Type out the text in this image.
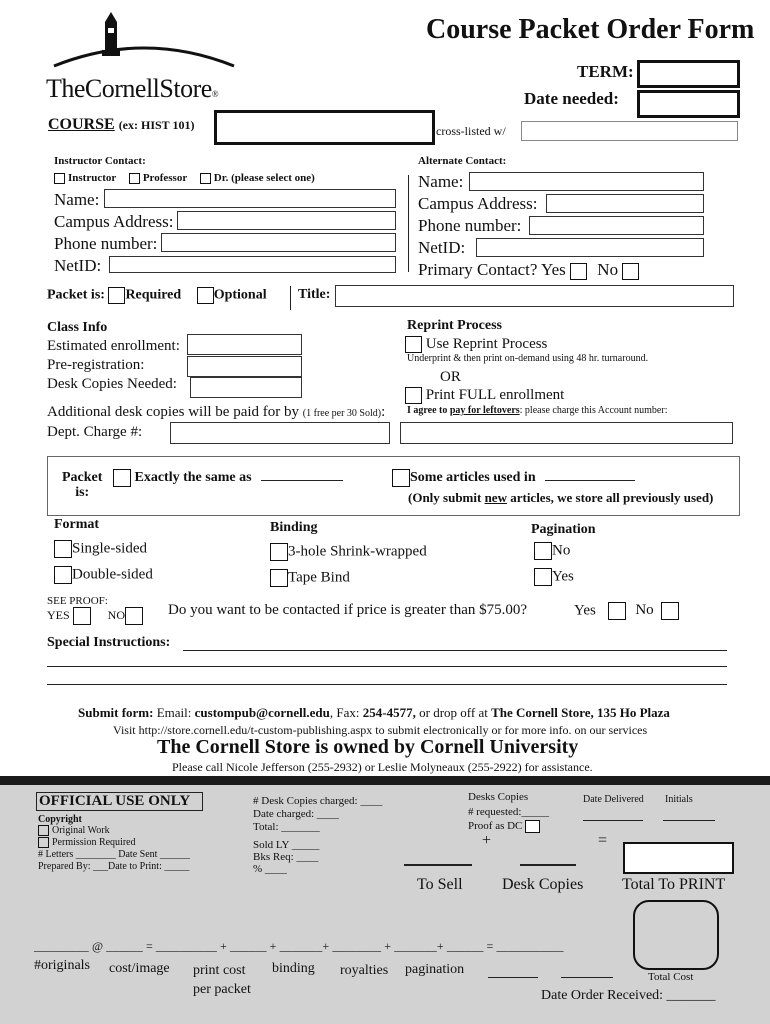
TheCornellStore®
Course Packet Order Form
TERM:
Date needed:
COURSE (ex: HIST 101)	cross-listed w/
Instructor Contact:
Instructor Professor Dr. (please select one)
Name:
Campus Address:
Phone number:
NetID:
Alternate Contact:
Name:
Campus Address:
Phone number:
NetID:
Primary Contact? Yes No
Packet is: Required Optional Title:
Class Info
Estimated enrollment:
Pre-registration:
Desk Copies Needed:
Additional desk copies will be paid for by (1 free per 30 Sold):
Dept. Charge #:
Reprint Process
Use Reprint Process
Underprint & then print on-demand using 48 hr. turnaround.
OR
Print FULL enrollment
I agree to pay for leftovers: please charge this Account number:
Packet
is:
Exactly the same as	Some articles used in
(Only submit new articles, we store all previously used)
Format
Single-sided
Double-sided
Binding
3-hole Shrink-wrapped
Tape Bind
Pagination
No
Yes
SEE PROOF:
YES	NO	Do you want to be contacted if price is greater than $75.00?	Yes	No
Special Instructions:
Submit form: Email: custompub@cornell.edu, Fax: 254-4577, or drop off at The Cornell Store, 135 Ho Plaza
Visit http://store.cornell.edu/t-custom-publishing.aspx to submit electronically or for more info. on our services
The Cornell Store is owned by Cornell University
Please call Nicole Jefferson (255-2932) or Leslie Molyneaux (255-2922) for assistance.
OFFICIAL USE ONLY
Copyright
Original Work
Permission Required
# Letters ________ Date Sent ______
Prepared By: ___Date to Print: _____
# Desk Copies charged: ____
Date charged: ____
Total: _______
Sold LY _____
Bks Req: ____
% ____
Desks Copies
# requested:_____
Proof as DC
Date Delivered Initials
+	=
To Sell Desk Copies Total To PRINT
_________ @ ______ = __________ + ______ + _______+ ________ + _______+ ______ = ___________
#originals cost/image print cost
per packet
binding royalties pagination	Total Cost
Date Order Received: _______
